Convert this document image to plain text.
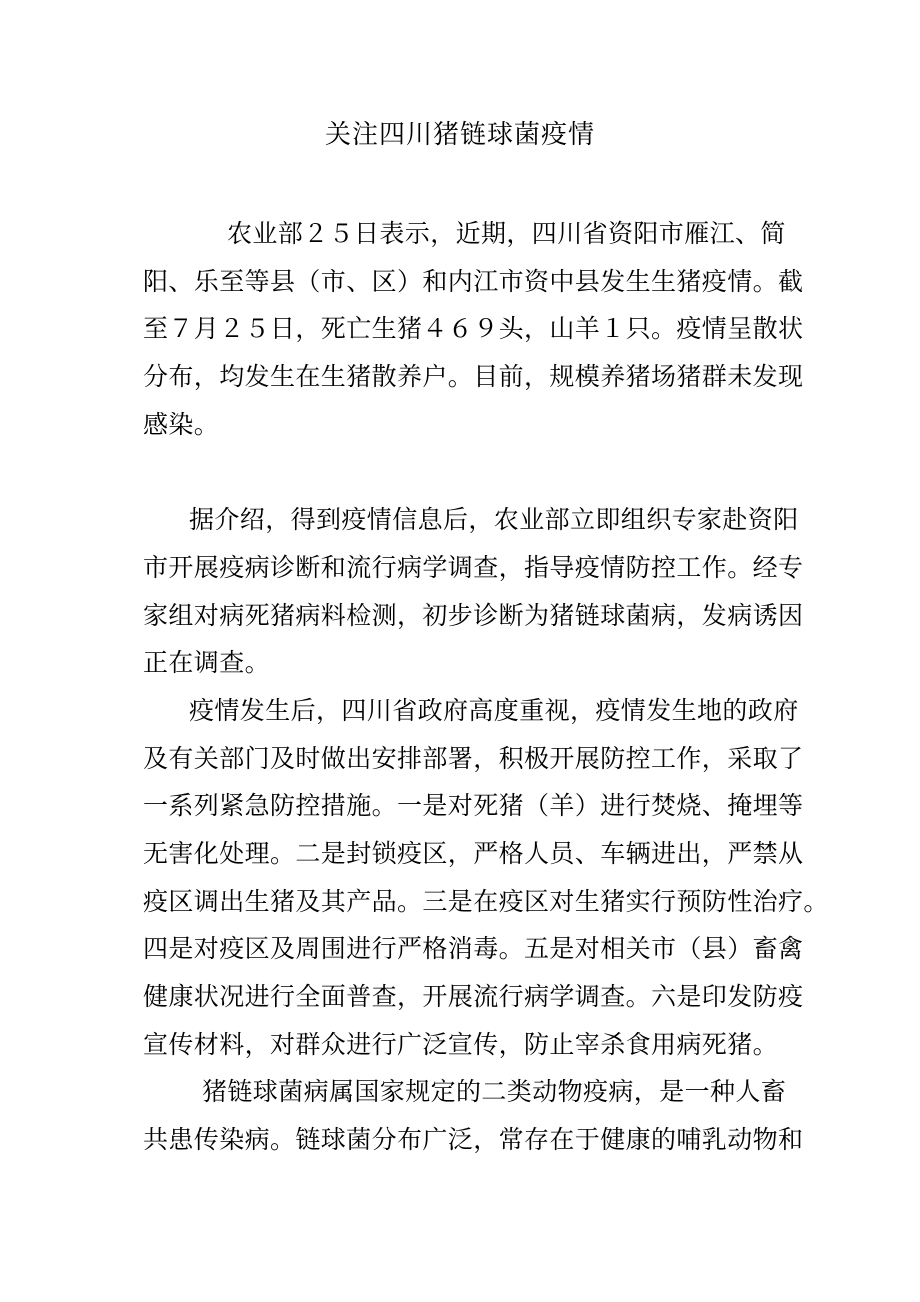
关注四川猪链球菌疫情
农业部２５日表示，近期，四川省资阳市雁江、简
阳、乐至等县（市、区）和内江市资中县发生生猪疫情。截
至７月２５日，死亡生猪４６９头，山羊１只。疫情呈散状
分布，均发生在生猪散养户。目前，规模养猪场猪群未发现
感染。
据介绍，得到疫情信息后，农业部立即组织专家赴资阳
市开展疫病诊断和流行病学调查，指导疫情防控工作。经专
家组对病死猪病料检测，初步诊断为猪链球菌病，发病诱因
正在调查。
疫情发生后，四川省政府高度重视，疫情发生地的政府
及有关部门及时做出安排部署，积极开展防控工作，采取了
一系列紧急防控措施。一是对死猪（羊）进行焚烧、掩埋等
无害化处理。二是封锁疫区，严格人员、车辆进出，严禁从
疫区调出生猪及其产品。三是在疫区对生猪实行预防性治疗。
四是对疫区及周围进行严格消毒。五是对相关市（县）畜禽
健康状况进行全面普查，开展流行病学调查。六是印发防疫
宣传材料，对群众进行广泛宣传，防止宰杀食用病死猪。
猪链球菌病属国家规定的二类动物疫病，是一种人畜
共患传染病。链球菌分布广泛，常存在于健康的哺乳动物和
